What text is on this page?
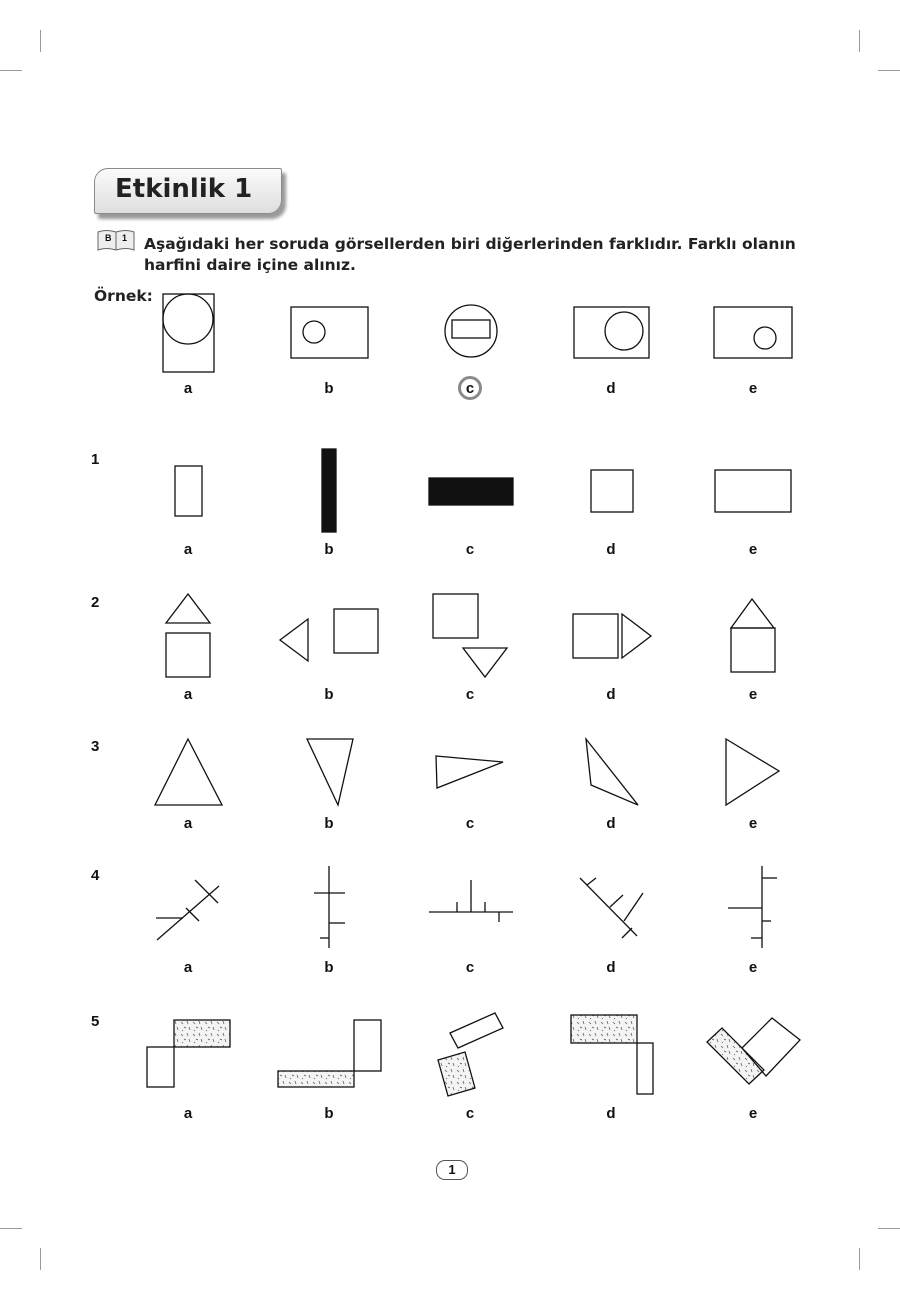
Etkinlik 1
B 1 Aşağıdaki her soruda görsellerden biri diğerlerinden farklıdır. Farklı olanın harfini daire içine alınız.
Örnek:
1
2
3
4
5
a	b	c	d	e
a	b	c	d	e
a	b	c	d	e
a	b	c	d	e
a	b	c	d	e
a	b	c	d	e
1
